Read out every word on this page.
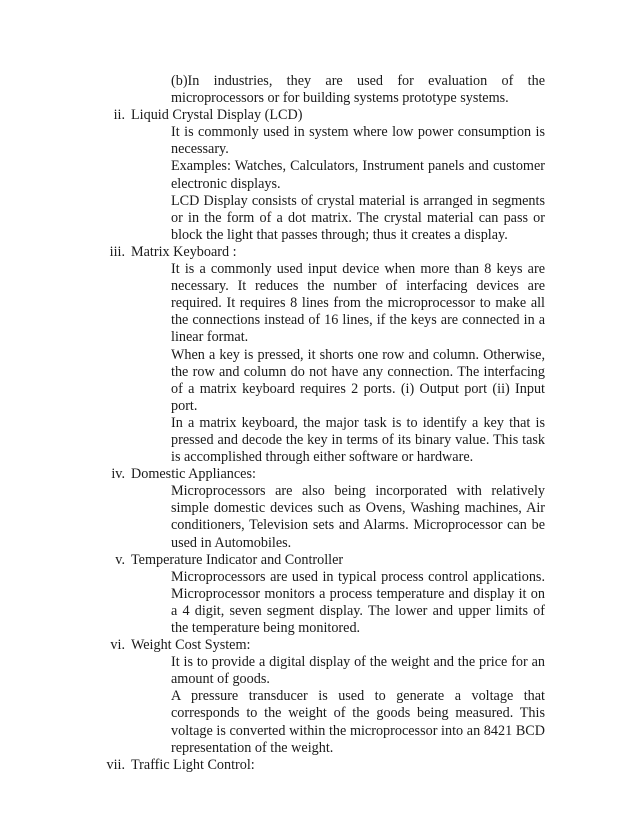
(b)In industries, they are used for evaluation of the microprocessors or for building systems prototype systems.

ii. Liquid Crystal Display (LCD)

It is commonly used in system where low power consumption is necessary.

Examples: Watches, Calculators, Instrument panels and customer electronic displays.

LCD Display consists of crystal material is arranged in segments or in the form of a dot matrix. The crystal material can pass or block the light that passes through; thus it creates a display.

iii. Matrix Keyboard :

It is a commonly used input device when more than 8 keys are necessary. It reduces the number of interfacing devices are required. It requires 8 lines from the microprocessor to make all the connections instead of 16 lines, if the keys are connected in a linear format.

When a key is pressed, it shorts one row and column. Otherwise, the row and column do not have any connection. The interfacing of a matrix keyboard requires 2 ports. (i) Output port (ii) Input port.

In a matrix keyboard, the major task is to identify a key that is pressed and decode the key in terms of its binary value. This task is accomplished through either software or hardware.

iv. Domestic Appliances:

Microprocessors are also being incorporated with relatively simple domestic devices such as Ovens, Washing machines, Air conditioners, Television sets and Alarms. Microprocessor can be used in Automobiles.

v. Temperature Indicator and Controller

Microprocessors are used in typical process control applications. Microprocessor monitors a process temperature and display it on a 4 digit, seven segment display. The lower and upper limits of the temperature being monitored.

vi. Weight Cost System:

It is to provide a digital display of the weight and the price for an amount of goods.

A pressure transducer is used to generate a voltage that corresponds to the weight of the goods being measured. This voltage is converted within the microprocessor into an 8421 BCD representation of the weight.

vii. Traffic Light Control:
